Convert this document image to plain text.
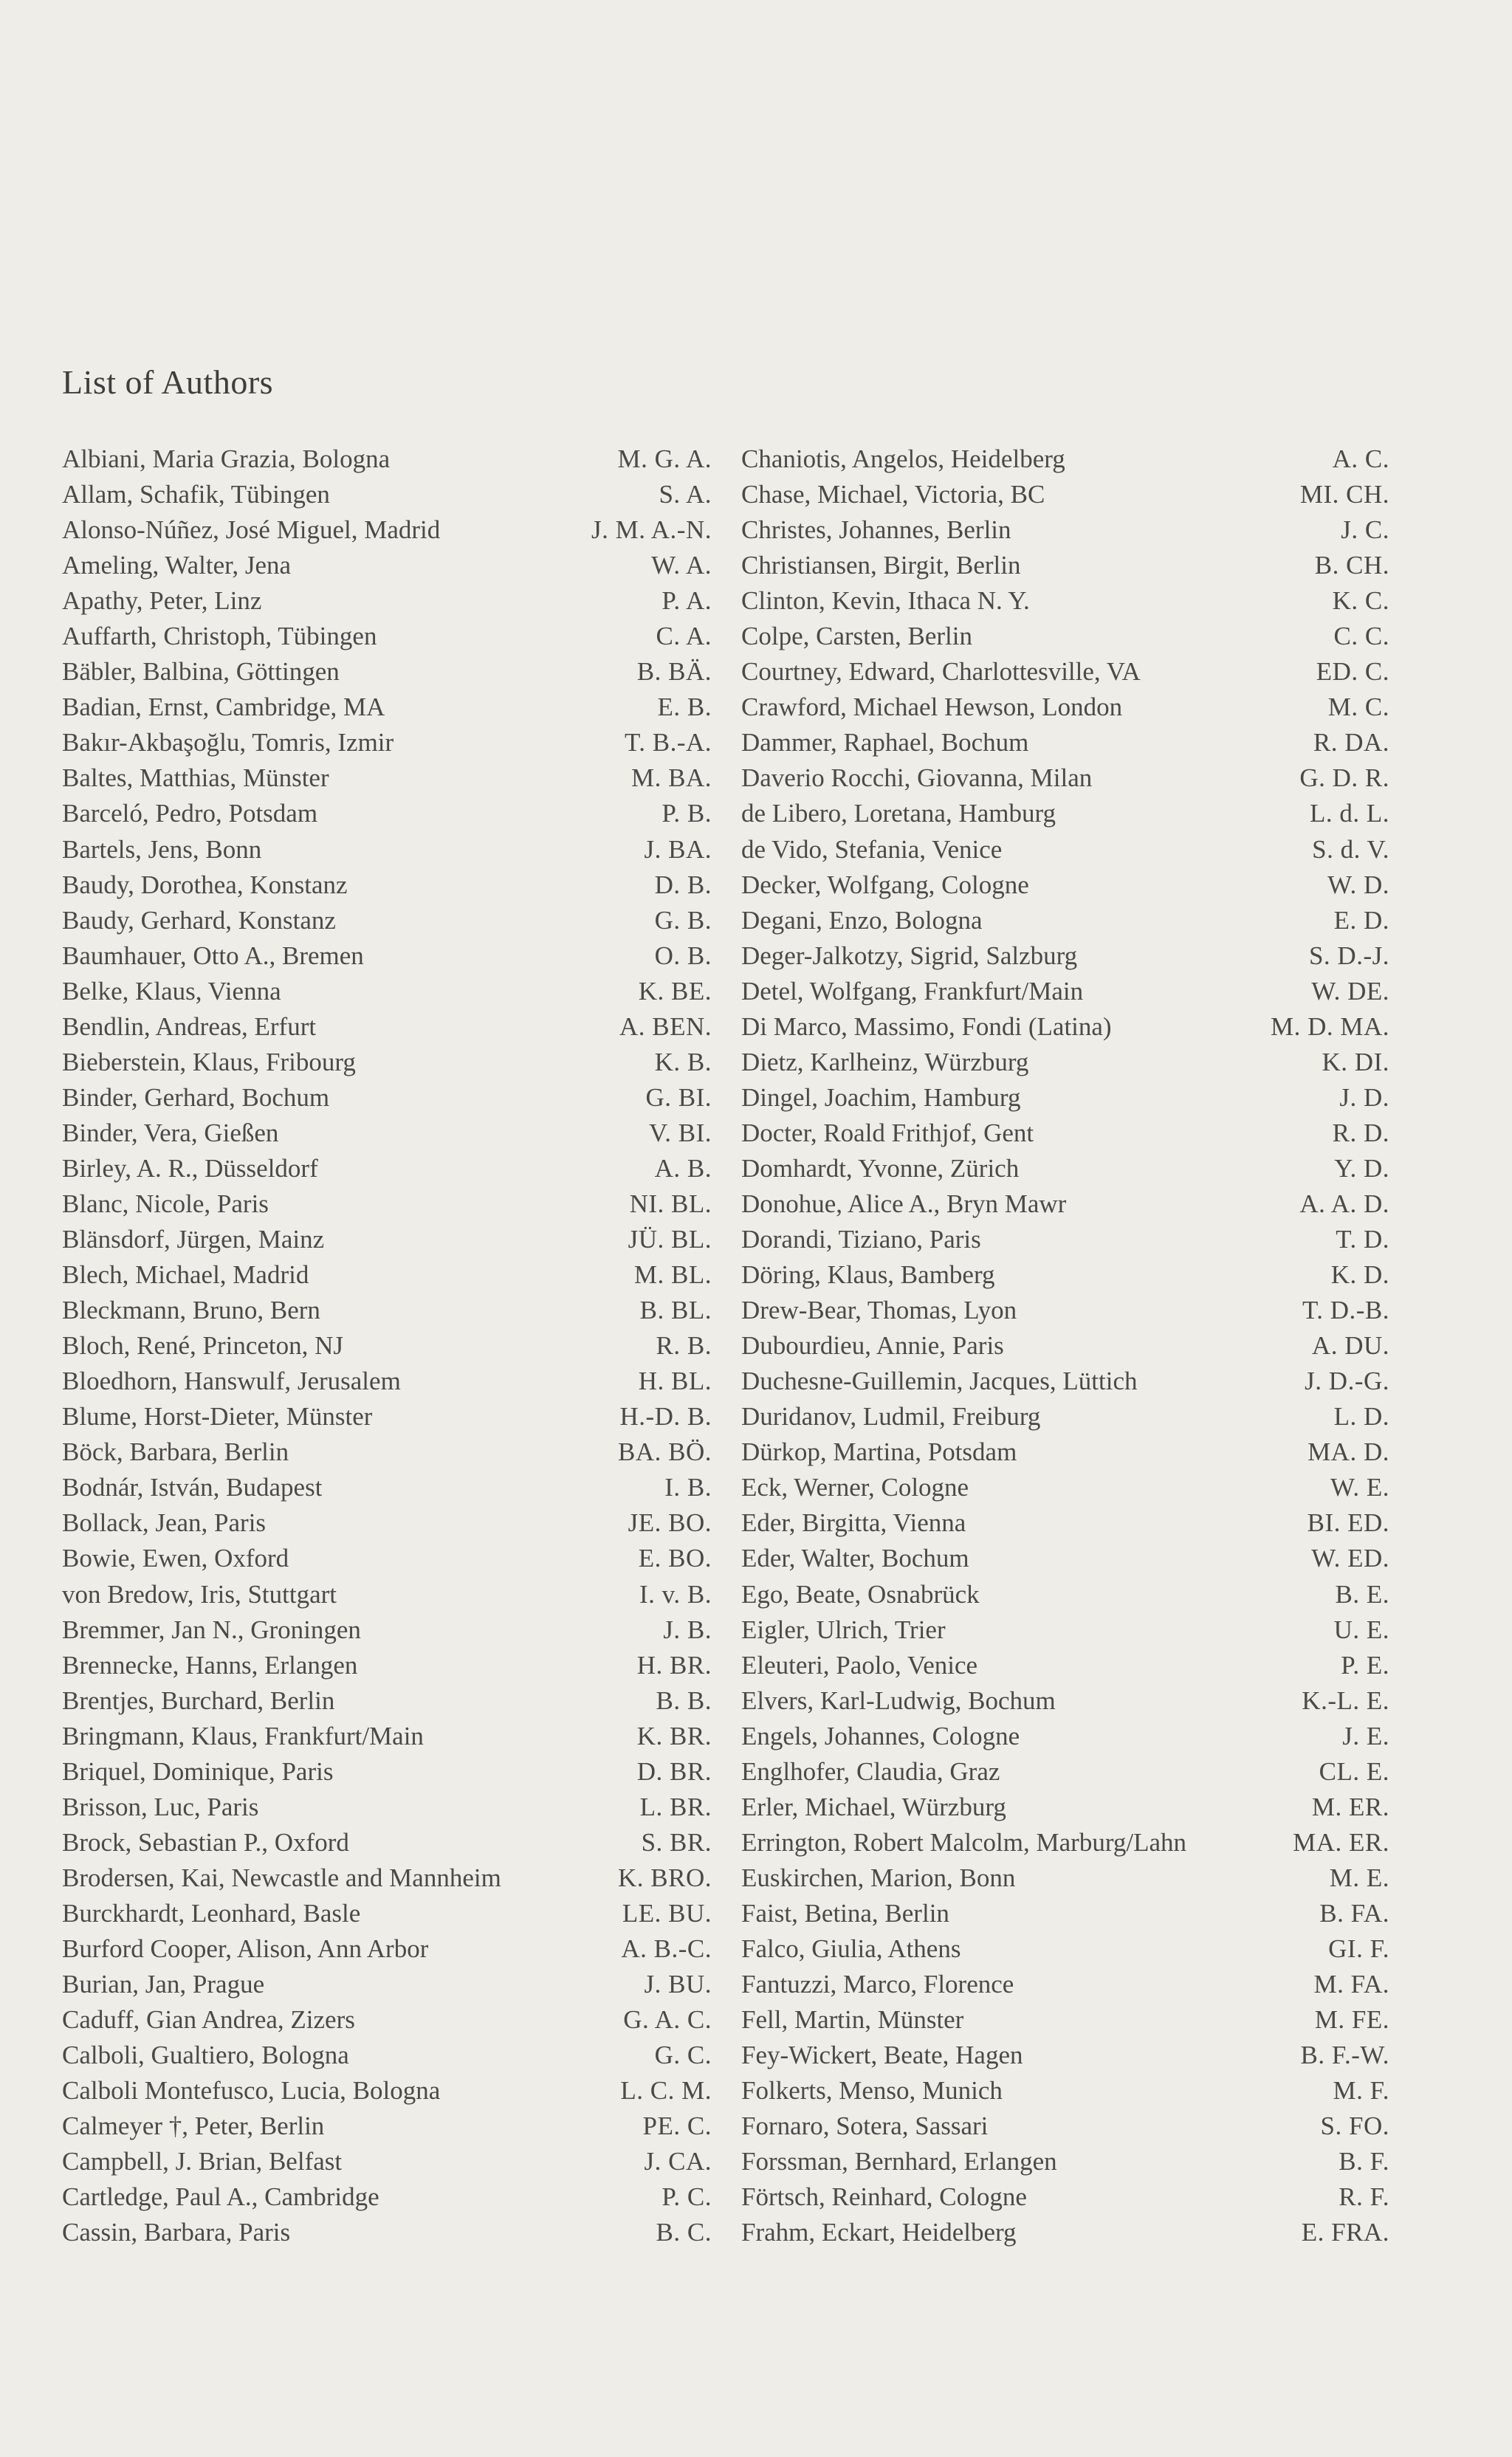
List of Authors
Albiani, Maria Grazia, Bologna	M. G. A.
Allam, Schafik, Tübingen	S. A.
Alonso-Núñez, José Miguel, Madrid	J. M. A.-N.
Ameling, Walter, Jena	W. A.
Apathy, Peter, Linz	P. A.
Auffarth, Christoph, Tübingen	C. A.
Bäbler, Balbina, Göttingen	B. BÄ.
Badian, Ernst, Cambridge, MA	E. B.
Bakır-Akbaşoğlu, Tomris, Izmir	T. B.-A.
Baltes, Matthias, Münster	M. BA.
Barceló, Pedro, Potsdam	P. B.
Bartels, Jens, Bonn	J. BA.
Baudy, Dorothea, Konstanz	D. B.
Baudy, Gerhard, Konstanz	G. B.
Baumhauer, Otto A., Bremen	O. B.
Belke, Klaus, Vienna	K. BE.
Bendlin, Andreas, Erfurt	A. BEN.
Bieberstein, Klaus, Fribourg	K. B.
Binder, Gerhard, Bochum	G. BI.
Binder, Vera, Gießen	V. BI.
Birley, A. R., Düsseldorf	A. B.
Blanc, Nicole, Paris	NI. BL.
Blänsdorf, Jürgen, Mainz	JÜ. BL.
Blech, Michael, Madrid	M. BL.
Bleckmann, Bruno, Bern	B. BL.
Bloch, René, Princeton, NJ	R. B.
Bloedhorn, Hanswulf, Jerusalem	H. BL.
Blume, Horst-Dieter, Münster	H.-D. B.
Böck, Barbara, Berlin	BA. BÖ.
Bodnár, István, Budapest	I. B.
Bollack, Jean, Paris	JE. BO.
Bowie, Ewen, Oxford	E. BO.
von Bredow, Iris, Stuttgart	I. v. B.
Bremmer, Jan N., Groningen	J. B.
Brennecke, Hanns, Erlangen	H. BR.
Brentjes, Burchard, Berlin	B. B.
Bringmann, Klaus, Frankfurt/Main	K. BR.
Briquel, Dominique, Paris	D. BR.
Brisson, Luc, Paris	L. BR.
Brock, Sebastian P., Oxford	S. BR.
Brodersen, Kai, Newcastle and Mannheim	K. BRO.
Burckhardt, Leonhard, Basle	LE. BU.
Burford Cooper, Alison, Ann Arbor	A. B.-C.
Burian, Jan, Prague	J. BU.
Caduff, Gian Andrea, Zizers	G. A. C.
Calboli, Gualtiero, Bologna	G. C.
Calboli Montefusco, Lucia, Bologna	L. C. M.
Calmeyer †, Peter, Berlin	PE. C.
Campbell, J. Brian, Belfast	J. CA.
Cartledge, Paul A., Cambridge	P. C.
Cassin, Barbara, Paris	B. C.
Chaniotis, Angelos, Heidelberg	A. C.
Chase, Michael, Victoria, BC	MI. CH.
Christes, Johannes, Berlin	J. C.
Christiansen, Birgit, Berlin	B. CH.
Clinton, Kevin, Ithaca N. Y.	K. C.
Colpe, Carsten, Berlin	C. C.
Courtney, Edward, Charlottesville, VA	ED. C.
Crawford, Michael Hewson, London	M. C.
Dammer, Raphael, Bochum	R. DA.
Daverio Rocchi, Giovanna, Milan	G. D. R.
de Libero, Loretana, Hamburg	L. d. L.
de Vido, Stefania, Venice	S. d. V.
Decker, Wolfgang, Cologne	W. D.
Degani, Enzo, Bologna	E. D.
Deger-Jalkotzy, Sigrid, Salzburg	S. D.-J.
Detel, Wolfgang, Frankfurt/Main	W. DE.
Di Marco, Massimo, Fondi (Latina)	M. D. MA.
Dietz, Karlheinz, Würzburg	K. DI.
Dingel, Joachim, Hamburg	J. D.
Docter, Roald Frithjof, Gent	R. D.
Domhardt, Yvonne, Zürich	Y. D.
Donohue, Alice A., Bryn Mawr	A. A. D.
Dorandi, Tiziano, Paris	T. D.
Döring, Klaus, Bamberg	K. D.
Drew-Bear, Thomas, Lyon	T. D.-B.
Dubourdieu, Annie, Paris	A. DU.
Duchesne-Guillemin, Jacques, Lüttich	J. D.-G.
Duridanov, Ludmil, Freiburg	L. D.
Dürkop, Martina, Potsdam	MA. D.
Eck, Werner, Cologne	W. E.
Eder, Birgitta, Vienna	BI. ED.
Eder, Walter, Bochum	W. ED.
Ego, Beate, Osnabrück	B. E.
Eigler, Ulrich, Trier	U. E.
Eleuteri, Paolo, Venice	P. E.
Elvers, Karl-Ludwig, Bochum	K.-L. E.
Engels, Johannes, Cologne	J. E.
Englhofer, Claudia, Graz	CL. E.
Erler, Michael, Würzburg	M. ER.
Errington, Robert Malcolm, Marburg/Lahn	MA. ER.
Euskirchen, Marion, Bonn	M. E.
Faist, Betina, Berlin	B. FA.
Falco, Giulia, Athens	GI. F.
Fantuzzi, Marco, Florence	M. FA.
Fell, Martin, Münster	M. FE.
Fey-Wickert, Beate, Hagen	B. F.-W.
Folkerts, Menso, Munich	M. F.
Fornaro, Sotera, Sassari	S. FO.
Forssman, Bernhard, Erlangen	B. F.
Förtsch, Reinhard, Cologne	R. F.
Frahm, Eckart, Heidelberg	E. FRA.
